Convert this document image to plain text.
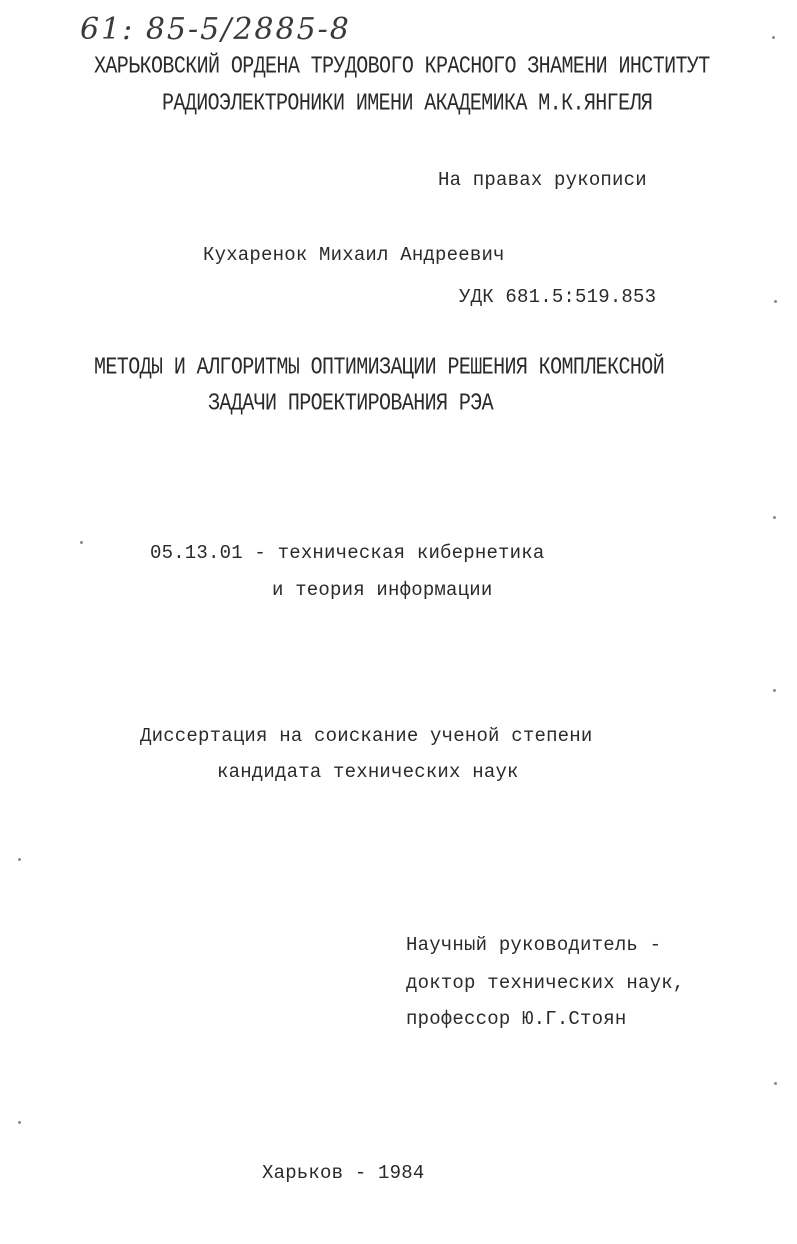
61: 85-5/2885-8
ХАРЬКОВСКИЙ ОРДЕНА ТРУДОВОГО КРАСНОГО ЗНАМЕНИ ИНСТИТУТ
РАДИОЭЛЕКТРОНИКИ ИМЕНИ АКАДЕМИКА М.К.ЯНГЕЛЯ
На правах рукописи
Кухаренок Михаил Андреевич
УДК 681.5:519.853
МЕТОДЫ И АЛГОРИТМЫ ОПТИМИЗАЦИИ РЕШЕНИЯ КОМПЛЕКСНОЙ
ЗАДАЧИ ПРОЕКТИРОВАНИЯ РЭА
05.13.01 - техническая кибернетика
и теория информации
Диссертация на соискание ученой степени
кандидата технических наук
Научный руководитель -
доктор технических наук,
профессор Ю.Г.Стоян
Харьков - 1984
